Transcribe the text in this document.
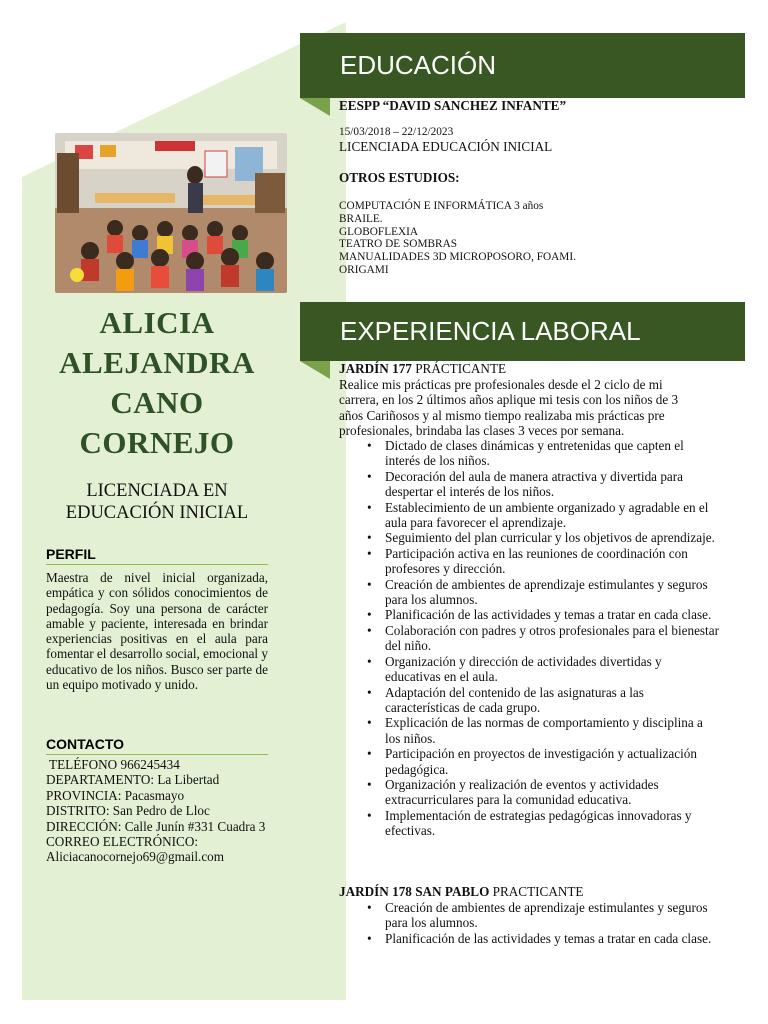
ALICIA
ALEJANDRA
CANO
CORNEJO
LICENCIADA EN
EDUCACIÓN INICIAL
PERFIL
Maestra de nivel inicial organizada, empática y con sólidos conocimientos de pedagogía. Soy una persona de carácter amable y paciente, interesada en brindar experiencias positivas en el aula para fomentar el desarrollo social, emocional y educativo de los niños. Busco ser parte de un equipo motivado y unido.
CONTACTO
TELÉFONO 966245434
DEPARTAMENTO: La Libertad
PROVINCIA: Pacasmayo
DISTRITO: San Pedro de Lloc
DIRECCIÓN: Calle Junín #331 Cuadra 3
CORREO ELECTRÓNICO:
Aliciacanocornejo69@gmail.com
EDUCACIÓN
EESPP “DAVID SANCHEZ INFANTE”
15/03/2018 – 22/12/2023
LICENCIADA EDUCACIÓN INICIAL
OTROS ESTUDIOS:
COMPUTACIÓN E INFORMÁTICA 3 años
BRAILE.
GLOBOFLEXIA
TEATRO DE SOMBRAS
MANUALIDADES 3D MICROPOSORO, FOAMI.
ORIGAMI
EXPERIENCIA LABORAL
JARDÍN 177 PRÁCTICANTE
Realice mis prácticas pre profesionales desde el 2 ciclo de mi carrera, en los 2 últimos años aplique mi tesis con los niños de 3 años Cariñosos y al mismo tiempo realizaba mis prácticas pre profesionales, brindaba las clases 3 veces por semana.
• Dictado de clases dinámicas y entretenidas que capten el interés de los niños.
• Decoración del aula de manera atractiva y divertida para despertar el interés de los niños.
• Establecimiento de un ambiente organizado y agradable en el aula para favorecer el aprendizaje.
• Seguimiento del plan curricular y los objetivos de aprendizaje.
• Participación activa en las reuniones de coordinación con profesores y dirección.
• Creación de ambientes de aprendizaje estimulantes y seguros para los alumnos.
• Planificación de las actividades y temas a tratar en cada clase.
• Colaboración con padres y otros profesionales para el bienestar del niño.
• Organización y dirección de actividades divertidas y educativas en el aula.
• Adaptación del contenido de las asignaturas a las características de cada grupo.
• Explicación de las normas de comportamiento y disciplina a los niños.
• Participación en proyectos de investigación y actualización pedagógica.
• Organización y realización de eventos y actividades extracurriculares para la comunidad educativa.
• Implementación de estrategias pedagógicas innovadoras y efectivas.
JARDÍN 178 SAN PABLO PRACTICANTE
• Creación de ambientes de aprendizaje estimulantes y seguros para los alumnos.
• Planificación de las actividades y temas a tratar en cada clase.
